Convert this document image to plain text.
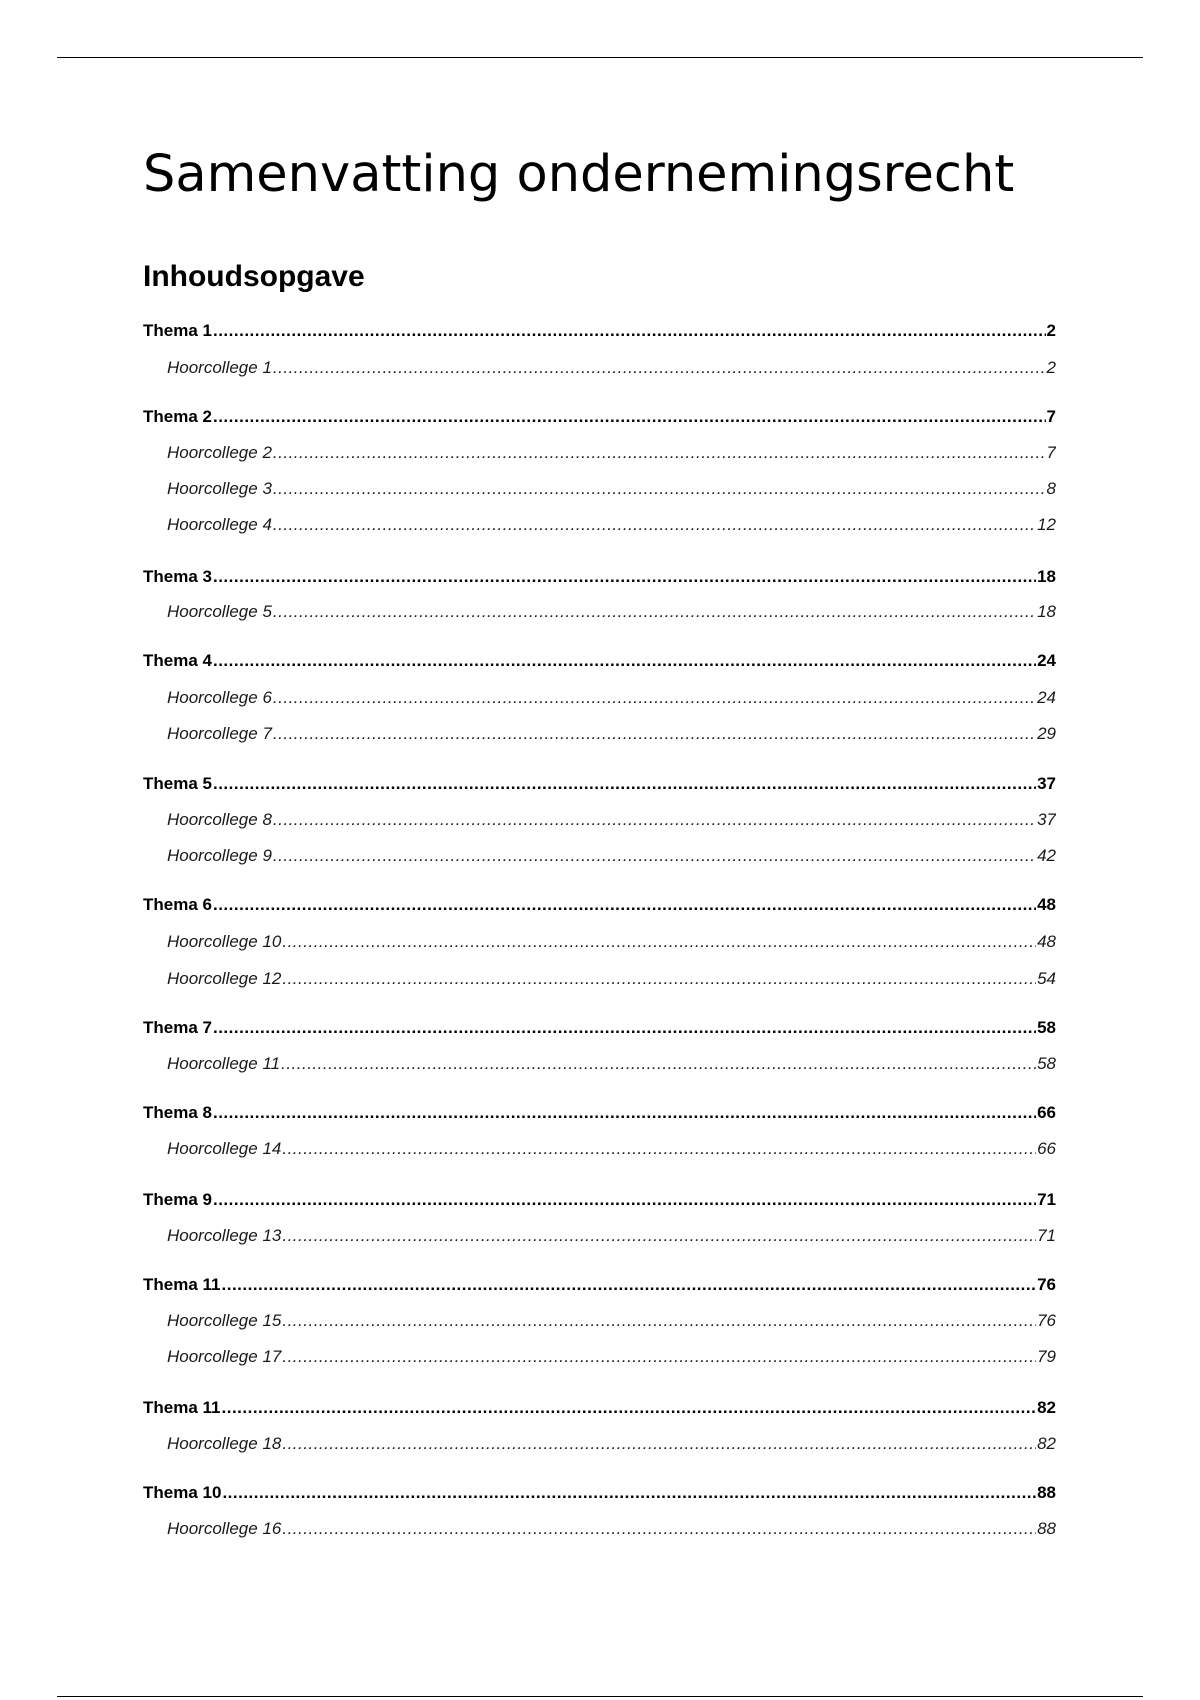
Samenvatting ondernemingsrecht
Inhoudsopgave
Thema 1 .....	2
Hoorcollege 1 .....	2
Thema 2 .....	7
Hoorcollege 2 .....	7
Hoorcollege 3 .....	8
Hoorcollege 4 .....	12
Thema 3 .....	18
Hoorcollege 5 .....	18
Thema 4 .....	24
Hoorcollege 6 .....	24
Hoorcollege 7 .....	29
Thema 5 .....	37
Hoorcollege 8 .....	37
Hoorcollege 9 .....	42
Thema 6 .....	48
Hoorcollege 10 .....	48
Hoorcollege 12 .....	54
Thema 7 .....	58
Hoorcollege 11 .....	58
Thema 8 .....	66
Hoorcollege 14 .....	66
Thema 9 .....	71
Hoorcollege 13 .....	71
Thema 11 .....	76
Hoorcollege 15 .....	76
Hoorcollege 17 .....	79
Thema 11 .....	82
Hoorcollege 18 .....	82
Thema 10 .....	88
Hoorcollege 16 .....	88
